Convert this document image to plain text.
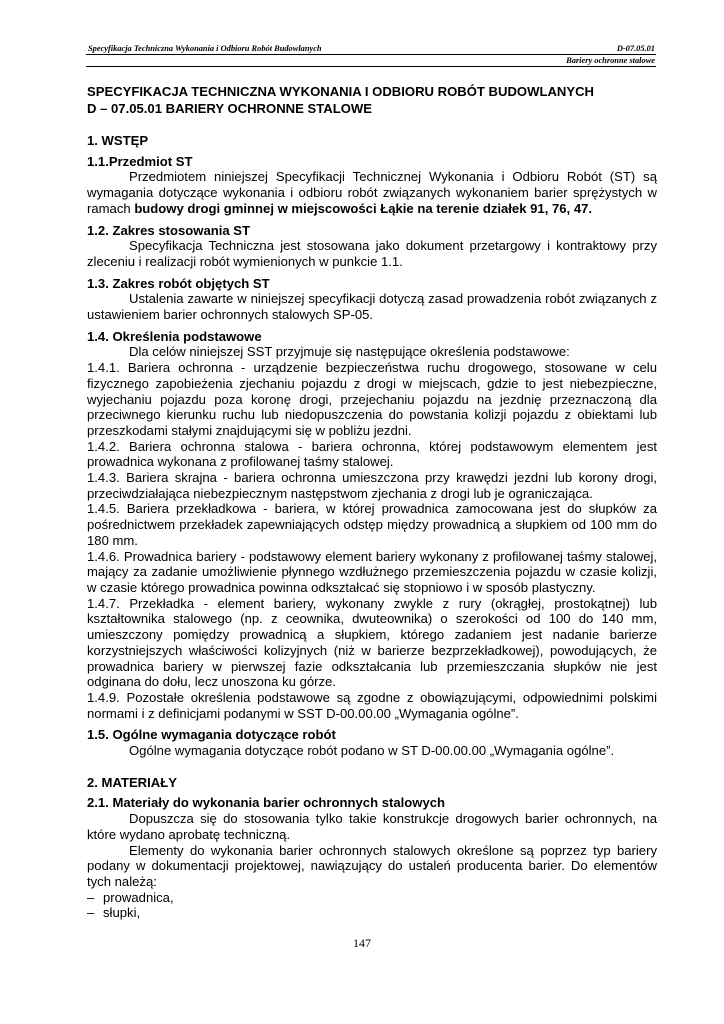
Specyfikacja Techniczna Wykonania i Odbioru Robót Budowlanych	D-07.05.01
Bariery ochronne stalowe
SPECYFIKACJA TECHNICZNA WYKONANIA I ODBIORU ROBÓT BUDOWLANYCH
D – 07.05.01 BARIERY OCHRONNE STALOWE
1. WSTĘP
1.1.Przedmiot ST

Przedmiotem niniejszej Specyfikacji Technicznej Wykonania i Odbioru Robót (ST) są wymagania dotyczące wykonania i odbioru robót związanych wykonaniem barier sprężystych w ramach budowy drogi gminnej w miejscowości Łąkie na terenie działek 91, 76, 47.

1.2. Zakres stosowania ST

Specyfikacja Techniczna jest stosowana jako dokument przetargowy i kontraktowy przy zleceniu i realizacji robót wymienionych w punkcie 1.1.

1.3. Zakres robót objętych ST

Ustalenia zawarte w niniejszej specyfikacji dotyczą zasad prowadzenia robót związanych z ustawieniem barier ochronnych stalowych SP-05.

1.4. Określenia podstawowe

Dla celów niniejszej SST przyjmuje się następujące określenia podstawowe:

1.4.1. Bariera ochronna - urządzenie bezpieczeństwa ruchu drogowego, stosowane w celu fizycznego zapobieżenia zjechaniu pojazdu z drogi w miejscach, gdzie to jest niebezpieczne, wyjechaniu pojazdu poza koronę drogi, przejechaniu pojazdu na jezdnię przeznaczoną dla przeciwnego kierunku ruchu lub niedopuszczenia do powstania kolizji pojazdu z obiektami lub przeszkodami stałymi znajdującymi się w pobliżu jezdni.

1.4.2. Bariera ochronna stalowa - bariera ochronna, której podstawowym elementem jest prowadnica wykonana z profilowanej taśmy stalowej.

1.4.3. Bariera skrajna - bariera ochronna umieszczona przy krawędzi jezdni lub korony drogi, przeciwdziałająca niebezpiecznym następstwom zjechania z drogi lub je ograniczająca.

1.4.5. Bariera przekładkowa - bariera, w której prowadnica zamocowana jest do słupków za pośrednictwem przekładek zapewniających odstęp między prowadnicą a słupkiem od 100 mm do 180 mm.

1.4.6. Prowadnica bariery - podstawowy element bariery wykonany z profilowanej taśmy stalowej, mający za zadanie umożliwienie płynnego wzdłużnego przemieszczenia pojazdu w czasie kolizji, w czasie którego prowadnica powinna odkształcać się stopniowo i w sposób plastyczny.

1.4.7. Przekładka - element bariery, wykonany zwykle z rury (okrągłej, prostokątnej) lub kształtownika stalowego (np. z ceownika, dwuteownika) o szerokości od 100 do 140 mm, umieszczony pomiędzy prowadnicą a słupkiem, którego zadaniem jest nadanie barierze korzystniejszych właściwości kolizyjnych (niż w barierze bezprzekładkowej), powodujących, że prowadnica bariery w pierwszej fazie odkształcania lub przemieszczania słupków nie jest odginana do dołu, lecz unoszona ku górze.

1.4.9. Pozostałe określenia podstawowe są zgodne z obowiązującymi, odpowiednimi polskimi normami i z definicjami podanymi w SST D-00.00.00 „Wymagania ogólne”.

1.5. Ogólne wymagania dotyczące robót

Ogólne wymagania dotyczące robót podano w ST D-00.00.00 „Wymagania ogólne”.

2. MATERIAŁY
2.1. Materiały do wykonania barier ochronnych stalowych

Dopuszcza się do stosowania tylko takie konstrukcje drogowych barier ochronnych, na które wydano aprobatę techniczną.

Elementy do wykonania barier ochronnych stalowych określone są poprzez typ bariery podany w dokumentacji projektowej, nawiązujący do ustaleń producenta barier. Do elementów tych należą:

– prowadnica,
– słupki,
147
